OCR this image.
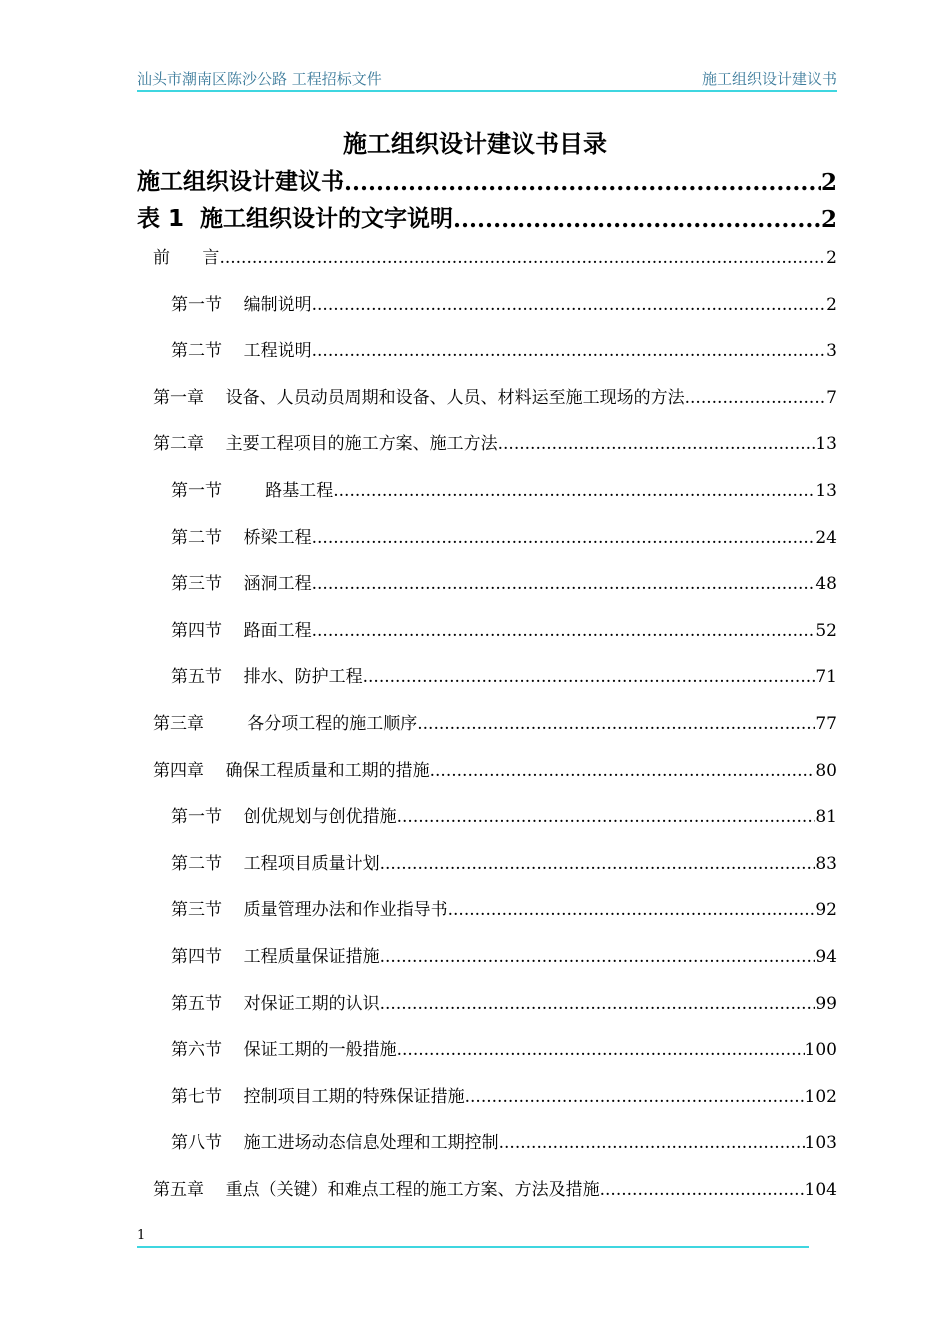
汕头市潮南区陈沙公路 工程招标文件	施工组织设计建议书
施工组织设计建议书目录
施工组织设计建议书 .....	2
表 1  施工组织设计的文字说明 .....	2
前      言 .....	2
第一节    编制说明 .....	2
第二节    工程说明 .....	3
第一章    设备、人员动员周期和设备、人员、材料运至施工现场的方法 .....	7
第二章    主要工程项目的施工方案、施工方法 .....	13
第一节        路基工程 .....	13
第二节    桥梁工程 .....	24
第三节    涵洞工程 .....	48
第四节    路面工程 .....	52
第五节    排水、防护工程 .....	71
第三章        各分项工程的施工顺序 .....	77
第四章    确保工程质量和工期的措施 .....	80
第一节    创优规划与创优措施 .....	81
第二节    工程项目质量计划 .....	83
第三节    质量管理办法和作业指导书 .....	92
第四节    工程质量保证措施 .....	94
第五节    对保证工期的认识 .....	99
第六节    保证工期的一般措施 .....	100
第七节    控制项目工期的特殊保证措施 .....	102
第八节    施工进场动态信息处理和工期控制 .....	103
第五章    重点（关键）和难点工程的施工方案、方法及措施 .....	104
1
